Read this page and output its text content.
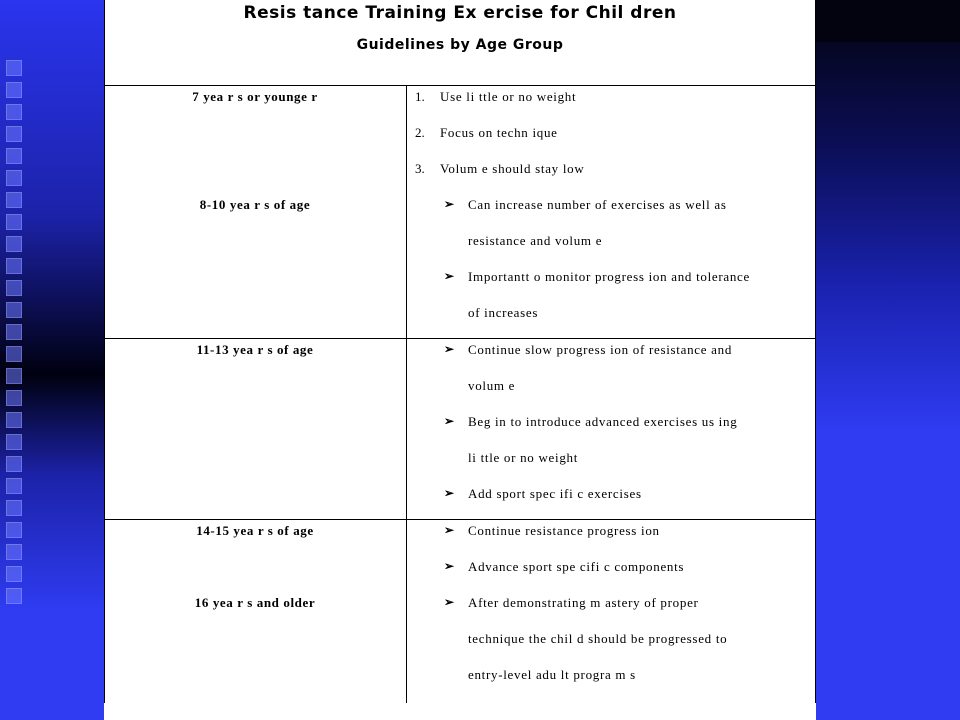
Resis tance Training Ex ercise for Chil dren
Guidelines by Age Group
7 yea r s or younge r
8-10 yea r s of age
1. Use li ttle or no weight
2. Focus on techn ique
3. Volum e should stay low
➢ Can increase number of exercises as well as
resistance and volum e
➢ Importantt o monitor progress ion and tolerance
of increases
11-13 yea r s of age	➢ Continue slow progress ion of resistance and
volum e
➢ Beg in to introduce advanced exercises us ing
li ttle or no weight
➢ Add sport spec ifi c exercises
14-15 yea r s of age
16 yea r s and older
➢ Continue resistance progress ion
➢ Advance sport spe cifi c components
➢ After demonstrating m astery of proper
technique the chil d should be progressed to
entry-level adu lt progra m s
